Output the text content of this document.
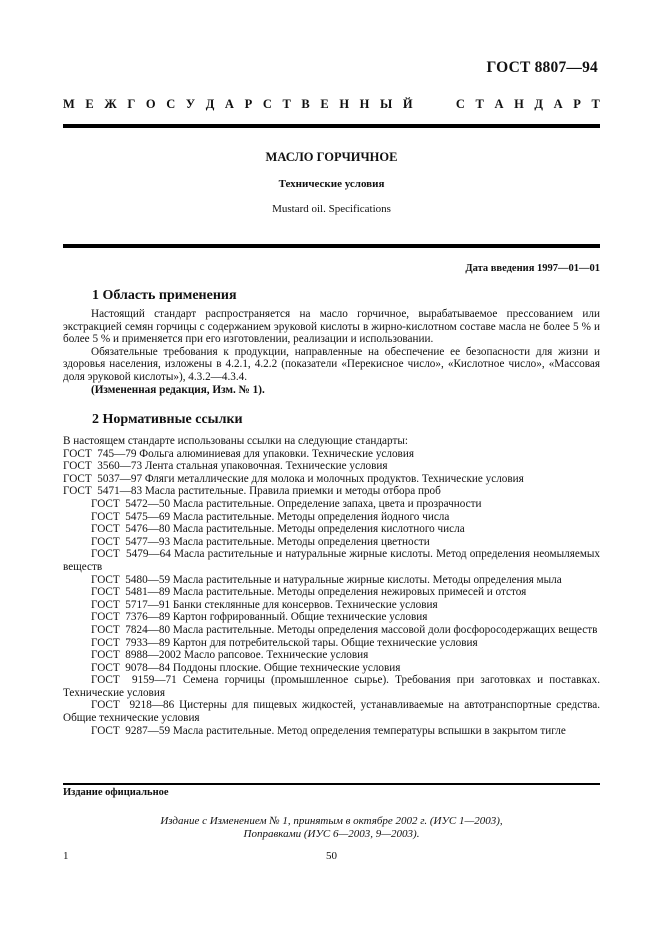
ГОСТ 8807—94
М Е Ж Г О С У Д А Р С Т В Е Н Н Ы Й	С Т А Н Д А Р Т
МАСЛО ГОРЧИЧНОЕ
Технические условия
Mustard oil. Specifications
Дата введения 1997—01—01
1 Область применения

Настоящий стандарт распространяется на масло горчичное, вырабатываемое прессованием или экстракцией семян горчицы с содержанием эруковой кислоты в жирно-кислотном составе масла не более 5 % и более 5 % и применяется при его изготовлении, реализации и использовании.

Обязательные требования к продукции, направленные на обеспечение ее безопасности для жизни и здоровья населения, изложены в 4.2.1, 4.2.2 (показатели «Перекисное число», «Кислотное число», «Массовая доля эруковой кислоты»), 4.3.2—4.3.4.

(Измененная редакция, Изм. № 1).

2 Нормативные ссылки

В настоящем стандарте использованы ссылки на следующие стандарты:

ГОСТ  745—79 Фольга алюминиевая для упаковки. Технические условия

ГОСТ  3560—73 Лента стальная упаковочная. Технические условия

ГОСТ  5037—97 Фляги металлические для молока и молочных продуктов. Технические условия

ГОСТ  5471—83 Масла растительные. Правила приемки и методы отбора проб

ГОСТ  5472—50 Масла растительные. Определение запаха, цвета и прозрачности

ГОСТ  5475—69 Масла растительные. Методы определения йодного числа

ГОСТ  5476—80 Масла растительные. Методы определения кислотного числа

ГОСТ  5477—93 Масла растительные. Методы определения цветности

ГОСТ  5479—64 Масла растительные и натуральные жирные кислоты. Метод определения неомыляемых веществ

ГОСТ  5480—59 Масла растительные и натуральные жирные кислоты. Методы определения мыла

ГОСТ  5481—89 Масла растительные. Методы определения нежировых примесей и отстоя

ГОСТ  5717—91 Банки стеклянные для консервов. Технические условия

ГОСТ  7376—89 Картон гофрированный. Общие технические условия

ГОСТ  7824—80 Масла растительные. Методы определения массовой доли фосфоросодержащих веществ

ГОСТ  7933—89 Картон для потребительской тары. Общие технические условия

ГОСТ  8988—2002 Масло рапсовое. Технические условия

ГОСТ  9078—84 Поддоны плоские. Общие технические условия

ГОСТ  9159—71 Семена горчицы (промышленное сырье). Требования при заготовках и поставках. Технические условия

ГОСТ  9218—86 Цистерны для пищевых жидкостей, устанавливаемые на автотранспортные средства. Общие технические условия

ГОСТ  9287—59 Масла растительные. Метод определения температуры вспышки в закрытом тигле

Издание официальное
Издание с Изменением № 1, принятым в октябре 2002 г. (ИУС 1—2003),
Поправками (ИУС 6—2003, 9—2003).
1	50
